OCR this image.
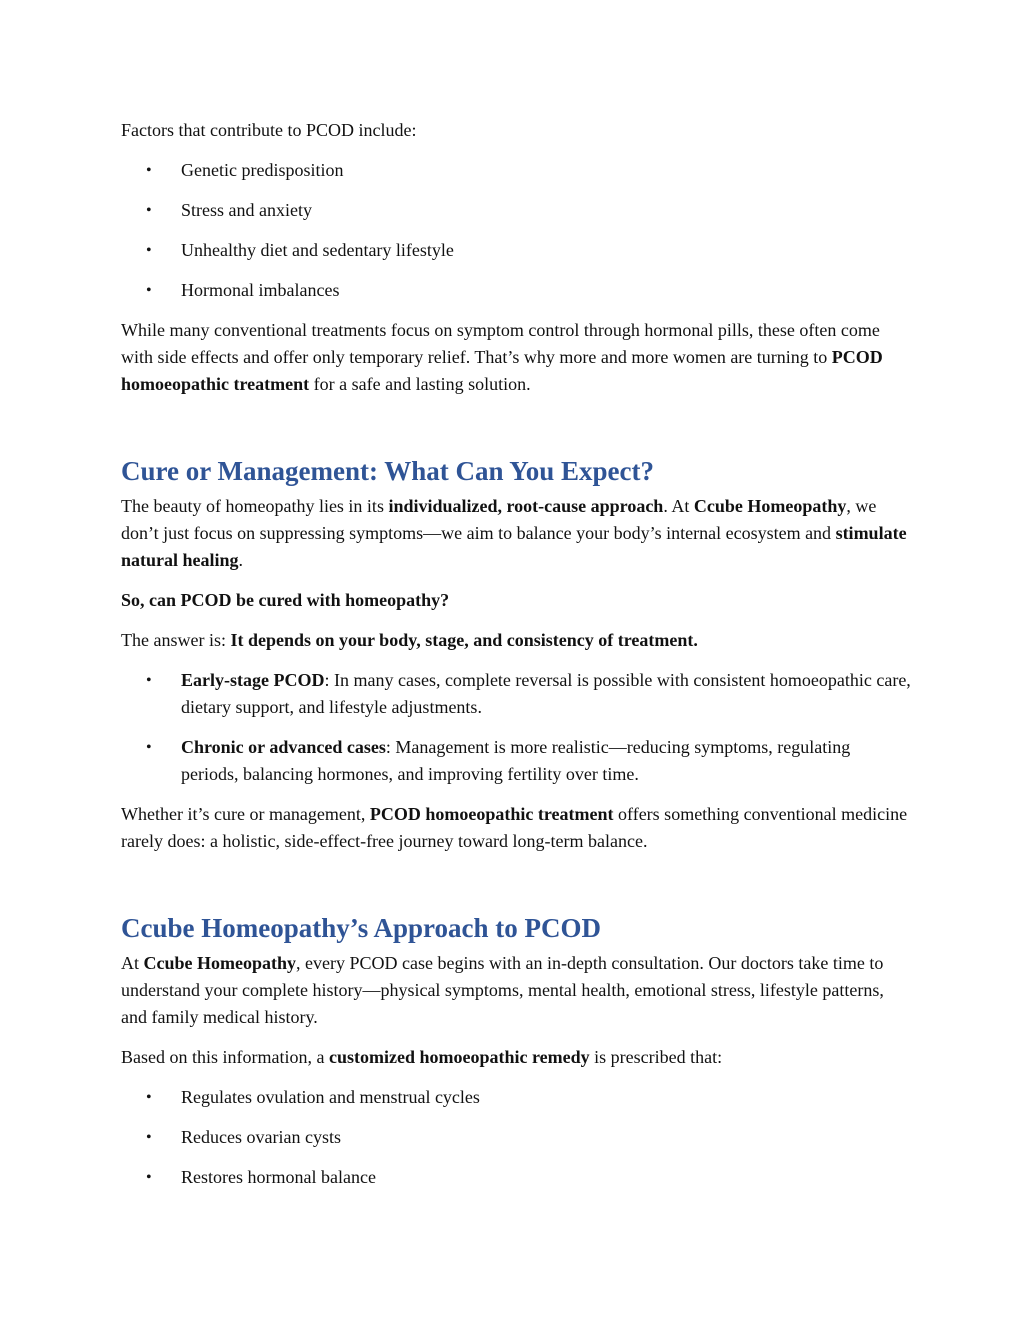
Factors that contribute to PCOD include:

• Genetic predisposition
• Stress and anxiety
• Unhealthy diet and sedentary lifestyle
• Hormonal imbalances

While many conventional treatments focus on symptom control through hormonal pills, these often come with side effects and offer only temporary relief. That’s why more and more women are turning to PCOD homoeopathic treatment for a safe and lasting solution.

Cure or Management: What Can You Expect?

The beauty of homeopathy lies in its individualized, root-cause approach. At Ccube Homeopathy, we don’t just focus on suppressing symptoms—we aim to balance your body’s internal ecosystem and stimulate natural healing.

So, can PCOD be cured with homeopathy?

The answer is: It depends on your body, stage, and consistency of treatment.

• Early-stage PCOD: In many cases, complete reversal is possible with consistent homoeopathic care, dietary support, and lifestyle adjustments.
• Chronic or advanced cases: Management is more realistic—reducing symptoms, regulating periods, balancing hormones, and improving fertility over time.

Whether it’s cure or management, PCOD homoeopathic treatment offers something conventional medicine rarely does: a holistic, side-effect-free journey toward long-term balance.

Ccube Homeopathy’s Approach to PCOD

At Ccube Homeopathy, every PCOD case begins with an in-depth consultation. Our doctors take time to understand your complete history—physical symptoms, mental health, emotional stress, lifestyle patterns, and family medical history.

Based on this information, a customized homoeopathic remedy is prescribed that:

• Regulates ovulation and menstrual cycles
• Reduces ovarian cysts
• Restores hormonal balance
